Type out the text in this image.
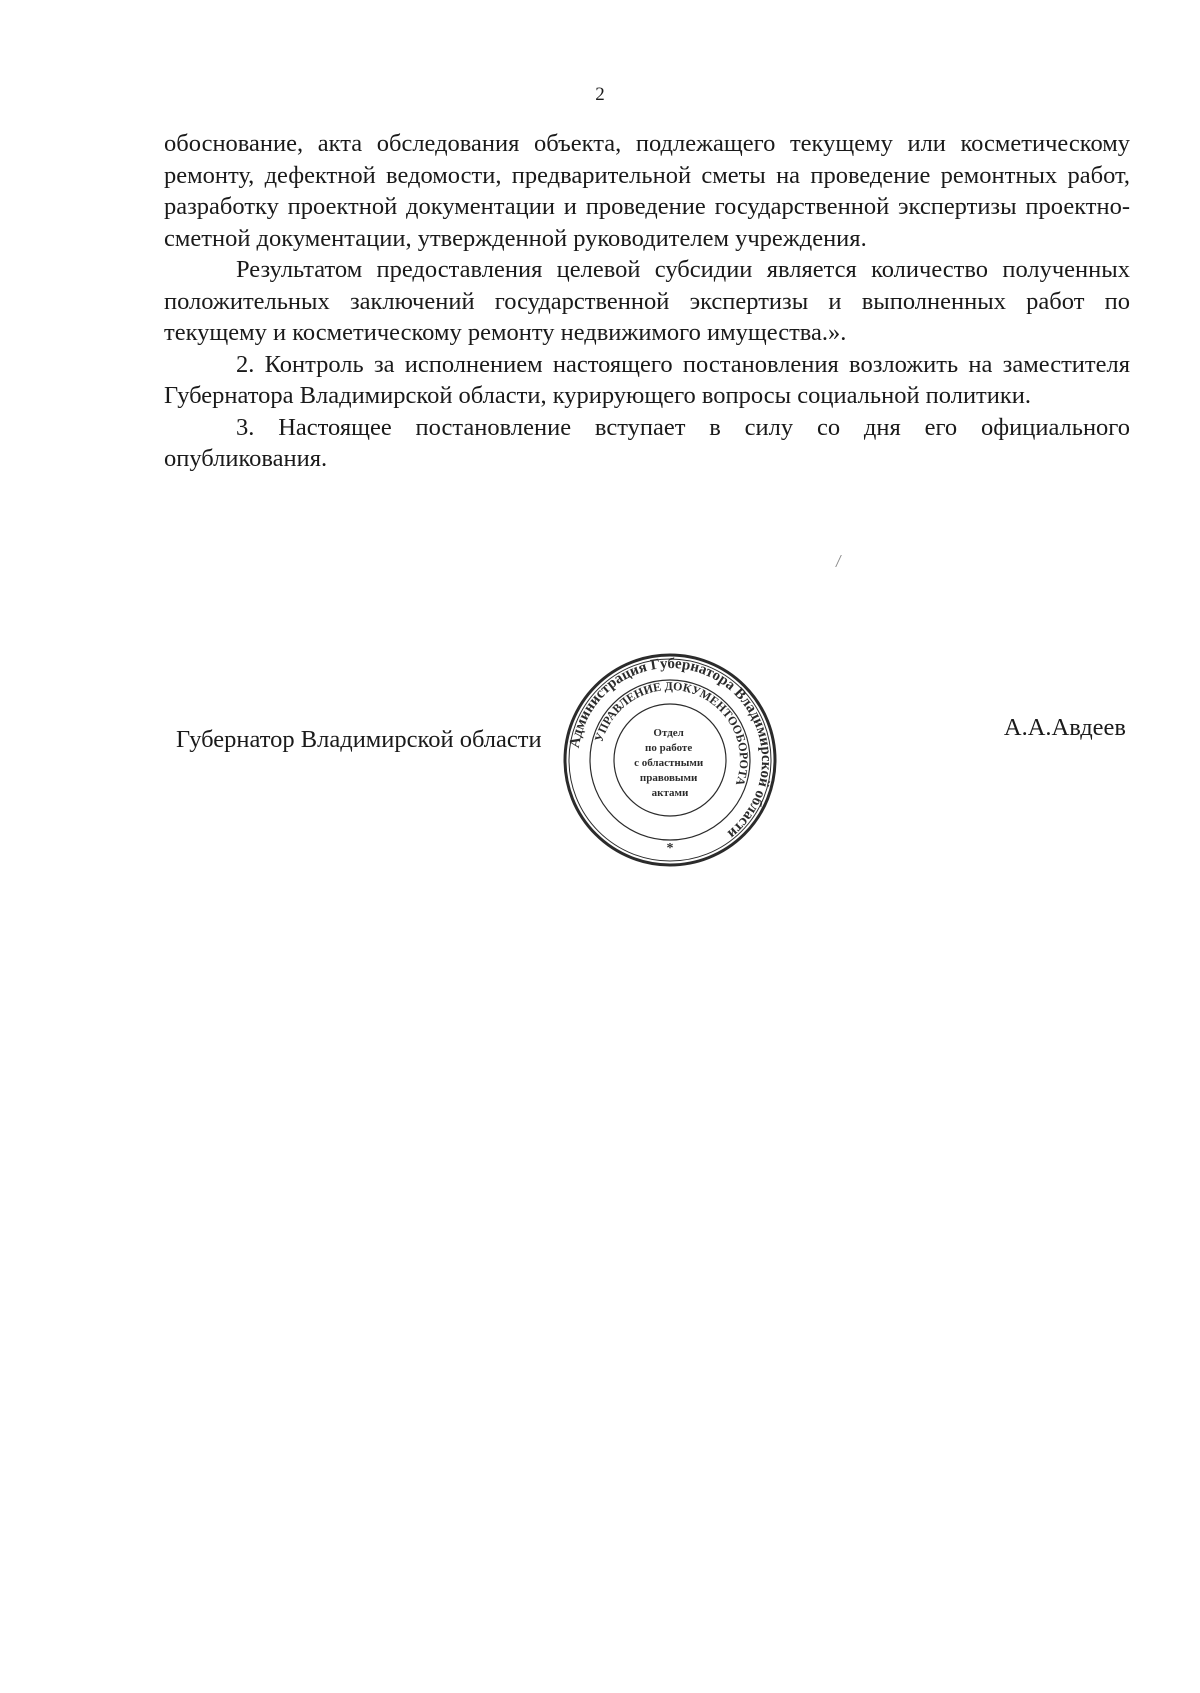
2

обоснование, акта обследования объекта, подлежащего текущему или косметическому ремонту, дефектной ведомости, предварительной сметы на проведение ремонтных работ, разработку проектной документации и проведение государственной экспертизы проектно-сметной документации, утвержденной руководителем учреждения.

Результатом предоставления целевой субсидии является количество полученных положительных заключений государственной экспертизы и выполненных работ по текущему и косметическому ремонту недвижимого имущества.».

2. Контроль за исполнением настоящего постановления возложить на заместителя Губернатора Владимирской области, курирующего вопросы социальной политики.

3. Настоящее постановление вступает в силу со дня его официального опубликования.

Губернатор Владимирской области	А.А.Авдеев
Администрация Губернатора Владимирской области
УПРАВЛЕНИЕ ДОКУМЕНТООБОРОТА
Отдел по работе с областными правовыми актами
*
